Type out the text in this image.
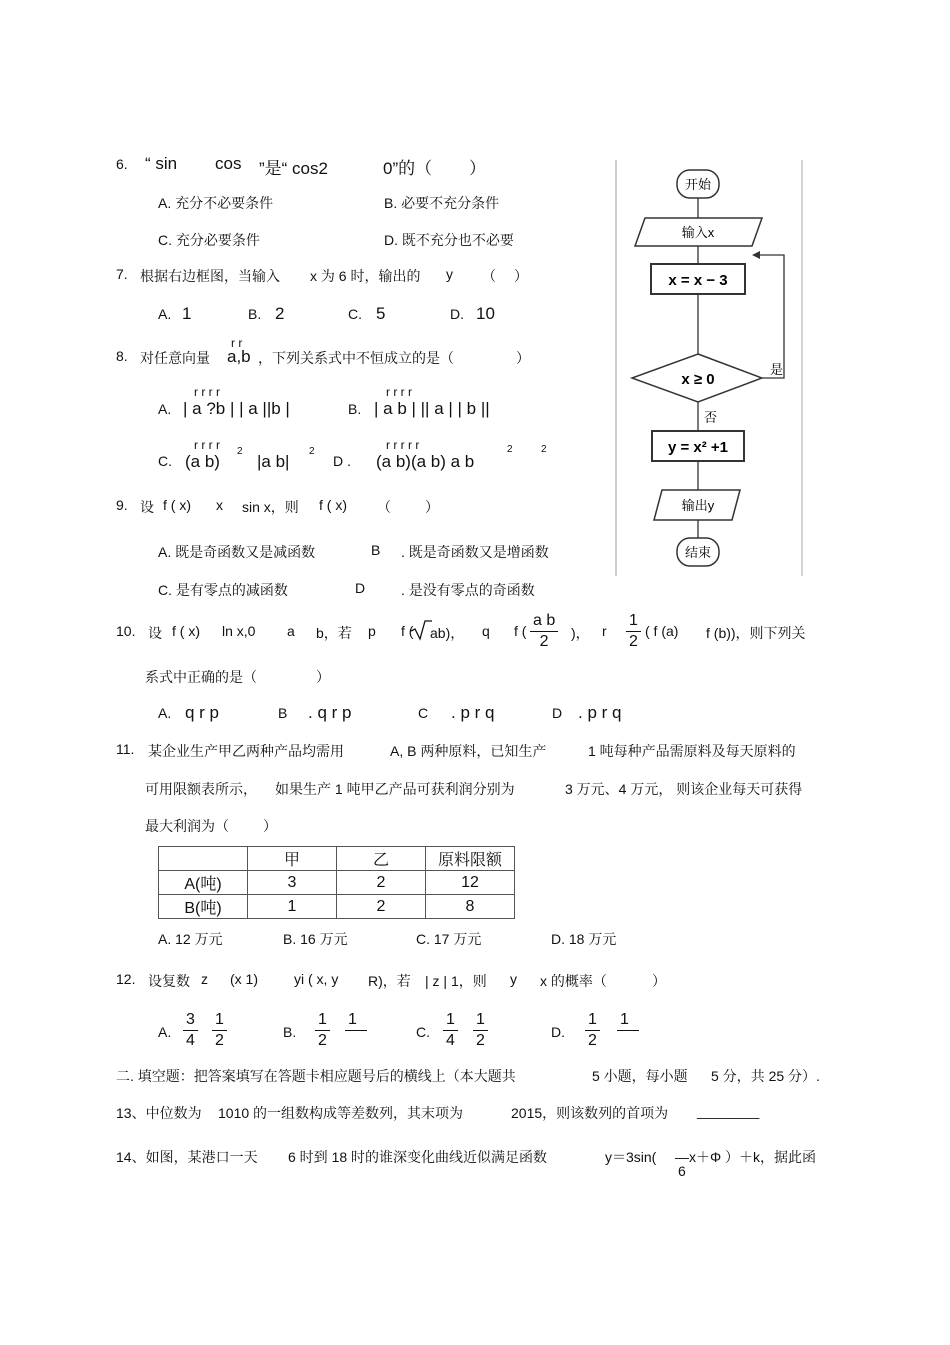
6. “ sin cos ”是“ cos2	0”的（ ）
A. 充分不必要条件	B. 必要不充分条件
C. 充分必要条件	D. 既不充分也不必要
7. 根据右边框图，当输入 x 为 6 时，输出的 y （ ）
A. 1	B. 2	C. 5	D. 10
8. 对任意向量
r r
a,b ，下列关系式中不恒成立的是（	）
r r r r
A. | a ?b | | a ||b |
r r r r
B. | a b | || a | | b ||
r r r r
C. (a b)
2
|a b|
2
D .
r r r r r
(a b)(a b) a b
2	2
9. 设 f ( x) x sin x，则 f ( x) （ ）
A. 既是奇函数又是减函数	B . 既是奇函数又是增函数
C. 是有零点的减函数	D	. 是没有零点的奇函数
10. 设 f ( x) ln x,0 a b，若 p f ( ab)， q f (	)， r	( f (a) f (b))，则下列关
$\frac{\text{a b}}{2}$	$\frac{1}{2}$
系式中正确的是（	）
A. q r p	B . q r p	C . p r q	D . p r q
11. 某企业生产甲乙两种产品均需用	A, B 两种原料，已知生产	1 吨每种产品需原料及每天原料的
可用限额表所示， 如果生产 1 吨甲乙产品可获利润分别为	3 万元、4 万元， 则该企业每天可获得
最大利润为（ ）
	甲	乙	原料限额
A(吨)	3	2	12
B(吨)	1	2	8
A. 12 万元	B. 16 万元	C. 17 万元	D. 18 万元
12. 设复数 z (x 1)	yi ( x, y R)，若 | z | 1，则 y x 的概率（	）
A. $\frac{3}{4} \frac{1}{2}$	B. $\frac{1}{2} 1$

C. $\frac{1}{4} \frac{1}{2}$	D. $\frac{1}{2} 1$

二. 填空题：把答案填写在答题卡相应题号后的横线上（本大题共	5 小题，每小题 5 分，共 25 分）.
13、中位数为 1010 的一组数构成等差数列，其末项为	2015，则该数列的首项为 ________
14、如图，某港口一天 6 时到 18 时的谁深变化曲线近似满足函数	y＝3sin( —x＋Φ ）＋k，据此函
6
开始
输入x
x = x − 3
x ≥ 0
是
否
y = x² +1
输出y
结束
